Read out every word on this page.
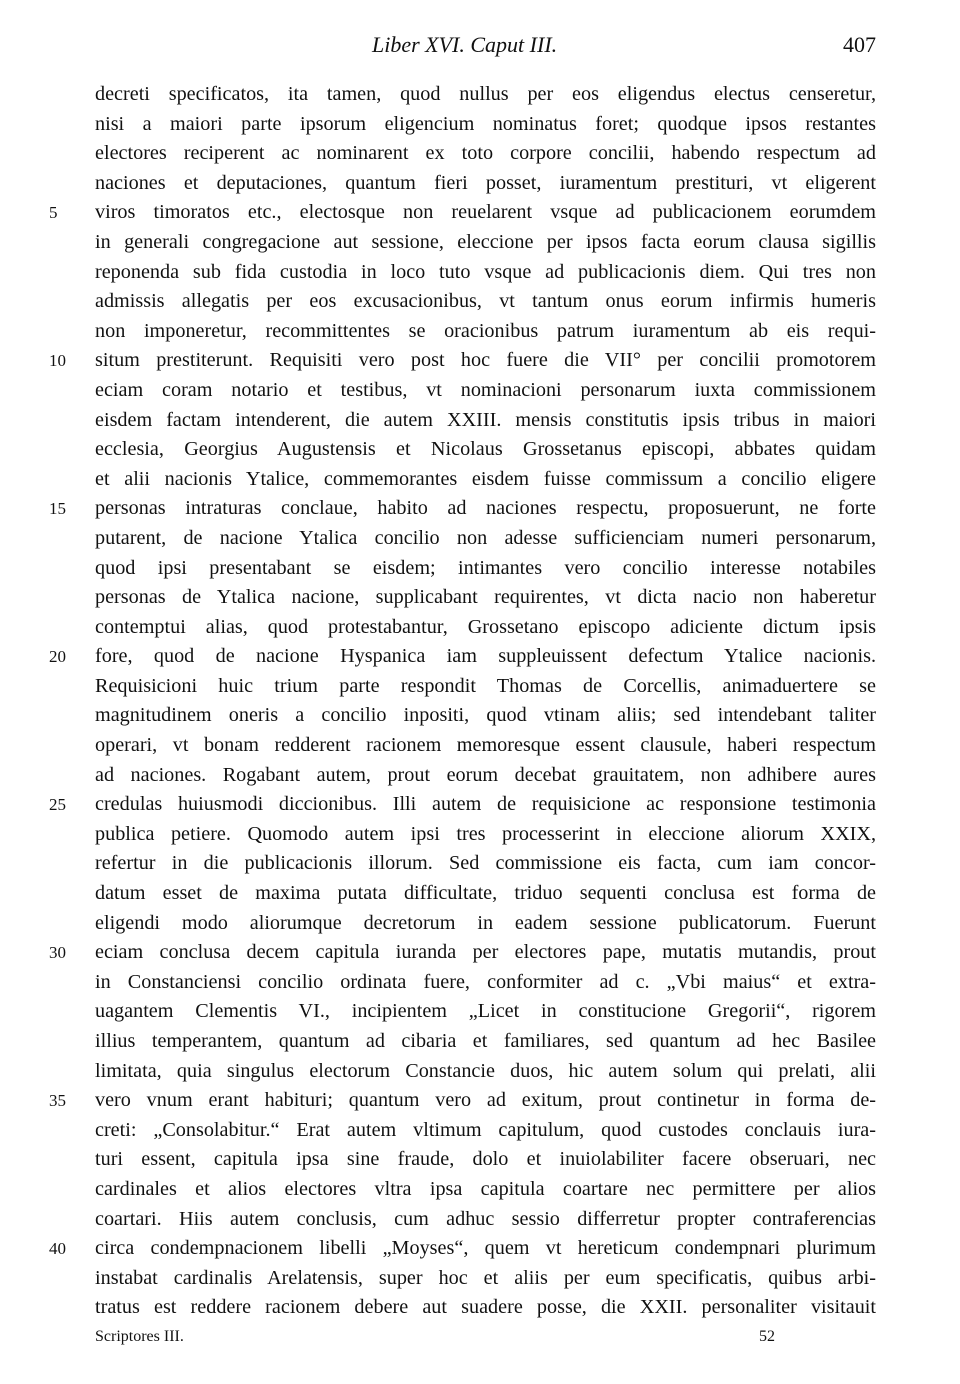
Liber XVI. Caput III.	407
decreti specificatos, ita tamen, quod nullus per eos eligendus electus censeretur,
nisi a maiori parte ipsorum eligencium nominatus foret; quodque ipsos restantes
electores reciperent ac nominarent ex toto corpore concilii, habendo respectum ad
naciones et deputaciones, quantum fieri posset, iuramentum prestituri, vt eligerent
5	viros timoratos etc., electosque non reuelarent vsque ad publicacionem eorumdem
in generali congregacione aut sessione, eleccione per ipsos facta eorum clausa sigillis
reponenda sub fida custodia in loco tuto vsque ad publicacionis diem. Qui tres non
admissis allegatis per eos excusacionibus, vt tantum onus eorum infirmis humeris
non imponeretur, recommittentes se oracionibus patrum iuramentum ab eis requi-
10	situm prestiterunt. Requisiti vero post hoc fuere die VII° per concilii promotorem
eciam coram notario et testibus, vt nominacioni personarum iuxta commissionem
eisdem factam intenderent, die autem XXIII. mensis constitutis ipsis tribus in maiori
ecclesia, Georgius Augustensis et Nicolaus Grossetanus episcopi, abbates quidam
et alii nacionis Ytalice, commemorantes eisdem fuisse commissum a concilio eligere
15	personas intraturas conclaue, habito ad naciones respectu, proposuerunt, ne forte
putarent, de nacione Ytalica concilio non adesse sufficienciam numeri personarum,
quod ipsi presentabant se eisdem; intimantes vero concilio interesse notabiles
personas de Ytalica nacione, supplicabant requirentes, vt dicta nacio non haberetur
contemptui alias, quod protestabantur, Grossetano episcopo adiciente dictum ipsis
20	fore, quod de nacione Hyspanica iam suppleuissent defectum Ytalice nacionis.
Requisicioni huic trium parte respondit Thomas de Corcellis, animaduertere se
magnitudinem oneris a concilio inpositi, quod vtinam aliis; sed intendebant taliter
operari, vt bonam redderent racionem memoresque essent clausule, haberi respectum
ad naciones. Rogabant autem, prout eorum decebat grauitatem, non adhibere aures
25	credulas huiusmodi diccionibus. Illi autem de requisicione ac responsione testimonia
publica petiere. Quomodo autem ipsi tres processerint in eleccione aliorum XXIX,
refertur in die publicacionis illorum. Sed commissione eis facta, cum iam concor-
datum esset de maxima putata difficultate, triduo sequenti conclusa est forma de
eligendi modo aliorumque decretorum in eadem sessione publicatorum. Fuerunt
30	eciam conclusa decem capitula iuranda per electores pape, mutatis mutandis, prout
in Constanciensi concilio ordinata fuere, conformiter ad c. „Vbi maius“ et extra-
uagantem Clementis VI., incipientem „Licet in constitucione Gregorii“, rigorem
illius temperantem, quantum ad cibaria et familiares, sed quantum ad hec Basilee
limitata, quia singulus electorum Constancie duos, hic autem solum qui prelati, alii
35	vero vnum erant habituri; quantum vero ad exitum, prout continetur in forma de-
creti: „Consolabitur.“ Erat autem vltimum capitulum, quod custodes conclauis iura-
turi essent, capitula ipsa sine fraude, dolo et inuiolabiliter facere obseruari, nec
cardinales et alios electores vltra ipsa capitula coartare nec permittere per alios
coartari. Hiis autem conclusis, cum adhuc sessio differretur propter contraferencias
40	circa condempnacionem libelli „Moyses“, quem vt hereticum condempnari plurimum
instabat cardinalis Arelatensis, super hoc et aliis per eum specificatis, quibus arbi-
tratus est reddere racionem debere aut suadere posse, die XXII. personaliter visitauit
Scriptores III.	52
